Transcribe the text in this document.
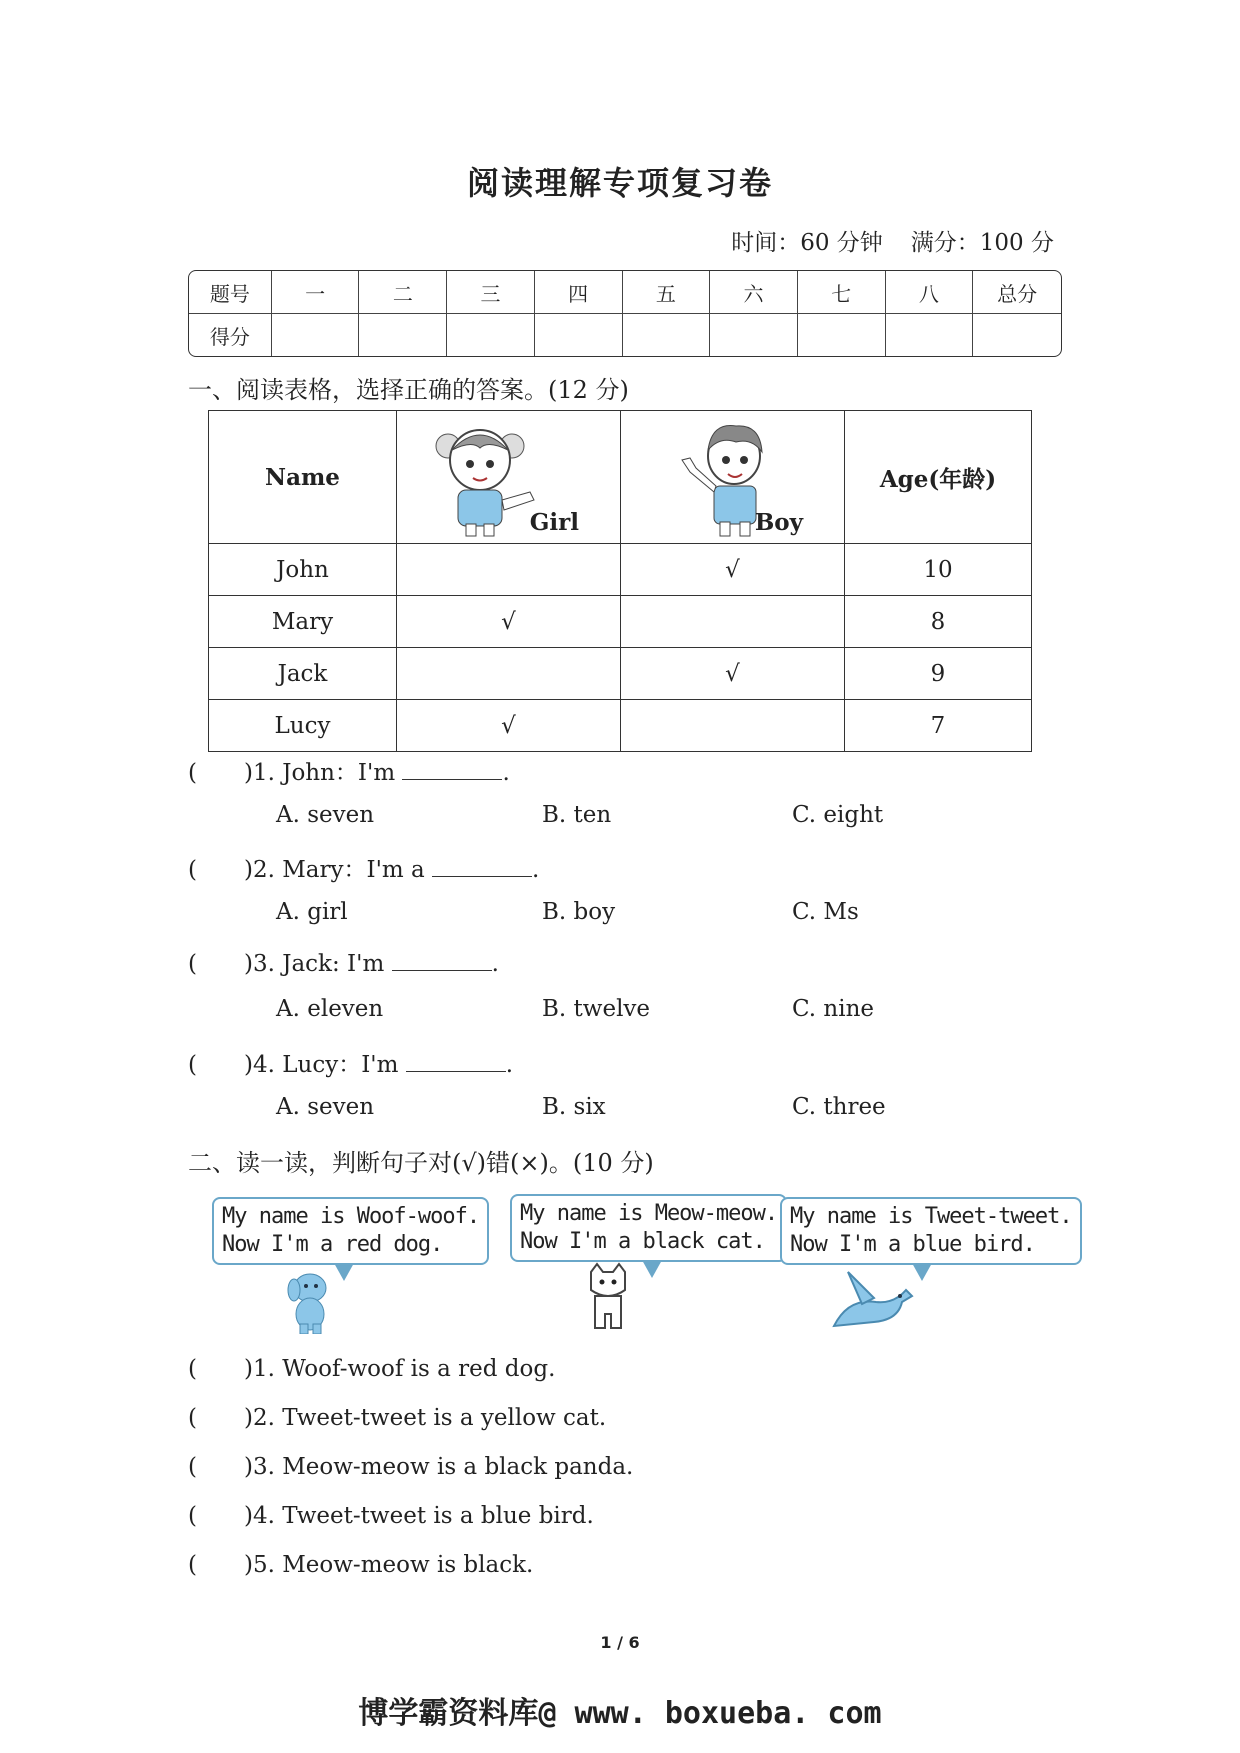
阅读理解专项复习卷
时间：60 分钟 满分：100 分
题号	一	二	三	四	五	六	七	八	总分
得分									
一、阅读表格，选择正确的答案。(12 分)
Name	Girl	Boy	Age(年龄)
John		√	10
Mary	√		8
Jack		√	9
Lucy	√		7
( )1. John：I'm	.
A. seven	B. ten	C. eight
( )2. Mary：I'm a	.
A. girl	B. boy	C. Ms
( )3. Jack: I'm	.
A. eleven	B. twelve	C. nine
( )4. Lucy：I'm	.
A. seven	B. six	C. three
二、读一读，判断句子对(√)错(×)。(10 分)
My name is Woof-woof.
Now I'm a red dog.
My name is Meow-meow.
Now I'm a black cat.
My name is Tweet-tweet.
Now I'm a blue bird.
( )1. Woof-woof is a red dog.
( )2. Tweet-tweet is a yellow cat.
( )3. Meow-meow is a black panda.
( )4. Tweet-tweet is a blue bird.
( )5. Meow-meow is black.
1 / 6
博学霸资料库@ www. boxueba. com
